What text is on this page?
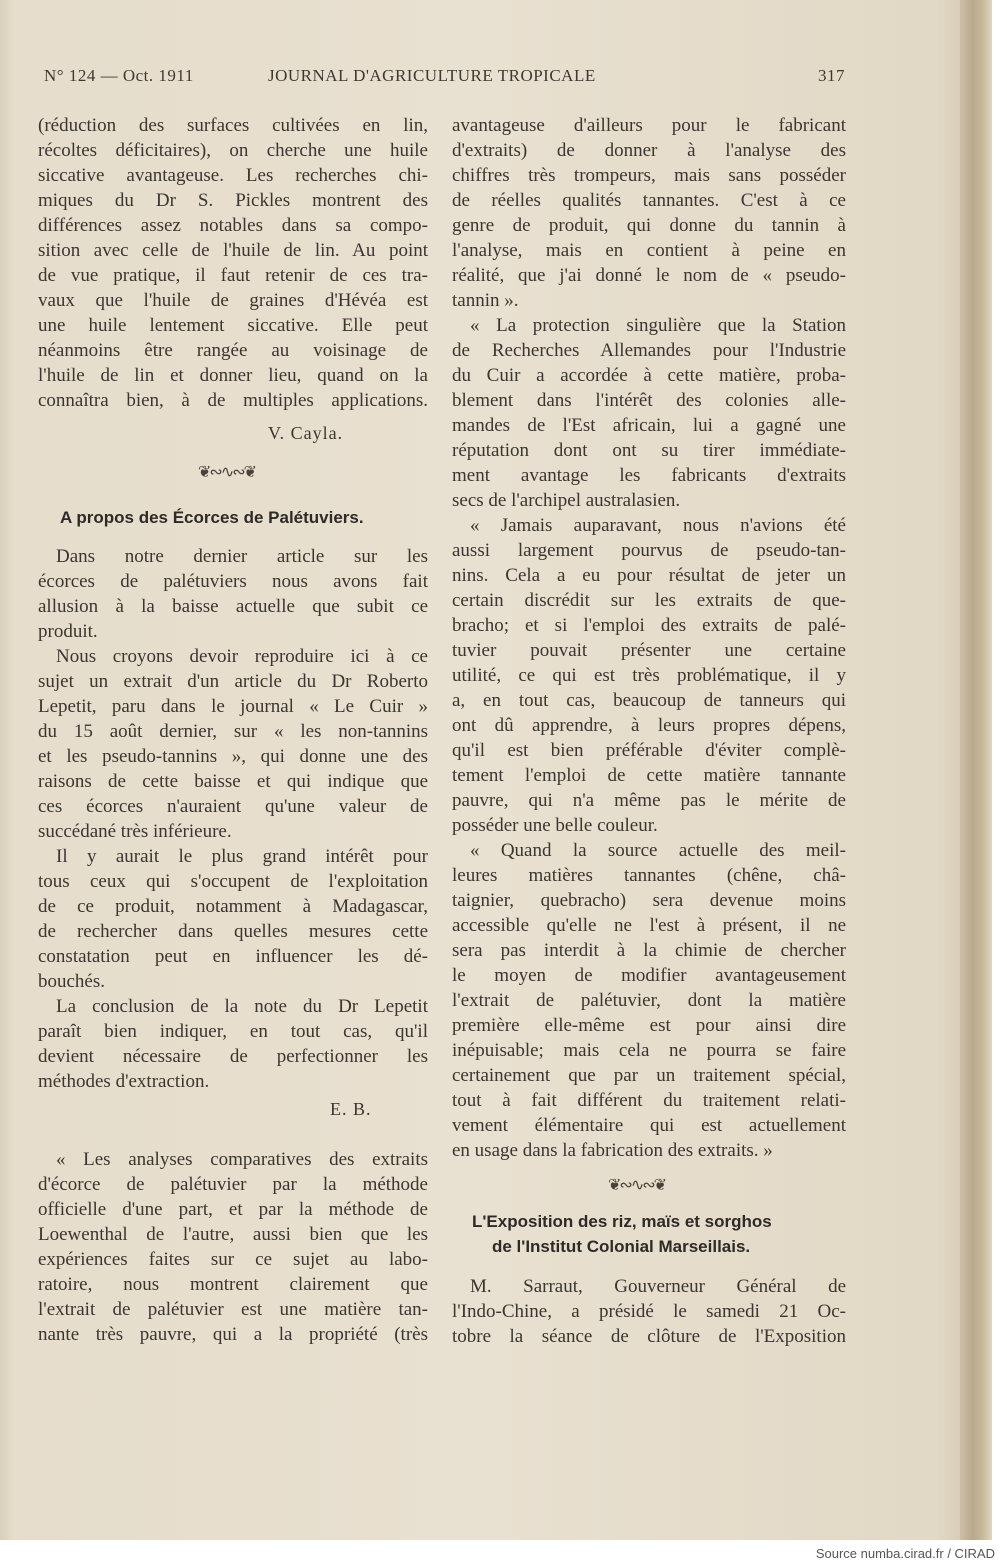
N° 124 — Oct. 1911	JOURNAL D'AGRICULTURE TROPICALE	317
(réduction des surfaces cultivées en lin,
récoltes déficitaires), on cherche une huile
siccative avantageuse. Les recherches chi-
miques du Dr S. Pickles montrent des
différences assez notables dans sa compo-
sition avec celle de l'huile de lin. Au point
de vue pratique, il faut retenir de ces tra-
vaux que l'huile de graines d'Hévéa est
une huile lentement siccative. Elle peut
néanmoins être rangée au voisinage de
l'huile de lin et donner lieu, quand on la
connaîtra bien, à de multiples applications.
V. Cayla.
❦∾∿∾❦
A propos des Écorces de Palétuviers.
Dans notre dernier article sur les
écorces de palétuviers nous avons fait
allusion à la baisse actuelle que subit ce
produit.
Nous croyons devoir reproduire ici à ce
sujet un extrait d'un article du Dr Roberto
Lepetit, paru dans le journal « Le Cuir »
du 15 août dernier, sur « les non-tannins
et les pseudo-tannins », qui donne une des
raisons de cette baisse et qui indique que
ces écorces n'auraient qu'une valeur de
succédané très inférieure.
Il y aurait le plus grand intérêt pour
tous ceux qui s'occupent de l'exploitation
de ce produit, notamment à Madagascar,
de rechercher dans quelles mesures cette
constatation peut en influencer les dé-
bouchés.
La conclusion de la note du Dr Lepetit
paraît bien indiquer, en tout cas, qu'il
devient nécessaire de perfectionner les
méthodes d'extraction.
E. B.
« Les analyses comparatives des extraits
d'écorce de palétuvier par la méthode
officielle d'une part, et par la méthode de
Loewenthal de l'autre, aussi bien que les
expériences faites sur ce sujet au labo-
ratoire, nous montrent clairement que
l'extrait de palétuvier est une matière tan-
nante très pauvre, qui a la propriété (très
avantageuse d'ailleurs pour le fabricant
d'extraits) de donner à l'analyse des
chiffres très trompeurs, mais sans posséder
de réelles qualités tannantes. C'est à ce
genre de produit, qui donne du tannin à
l'analyse, mais en contient à peine en
réalité, que j'ai donné le nom de « pseudo-
tannin ».
« La protection singulière que la Station
de Recherches Allemandes pour l'Industrie
du Cuir a accordée à cette matière, proba-
blement dans l'intérêt des colonies alle-
mandes de l'Est africain, lui a gagné une
réputation dont ont su tirer immédiate-
ment avantage les fabricants d'extraits
secs de l'archipel australasien.
« Jamais auparavant, nous n'avions été
aussi largement pourvus de pseudo-tan-
nins. Cela a eu pour résultat de jeter un
certain discrédit sur les extraits de que-
bracho; et si l'emploi des extraits de palé-
tuvier pouvait présenter une certaine
utilité, ce qui est très problématique, il y
a, en tout cas, beaucoup de tanneurs qui
ont dû apprendre, à leurs propres dépens,
qu'il est bien préférable d'éviter complè-
tement l'emploi de cette matière tannante
pauvre, qui n'a même pas le mérite de
posséder une belle couleur.
« Quand la source actuelle des meil-
leures matières tannantes (chêne, châ-
taignier, quebracho) sera devenue moins
accessible qu'elle ne l'est à présent, il ne
sera pas interdit à la chimie de chercher
le moyen de modifier avantageusement
l'extrait de palétuvier, dont la matière
première elle-même est pour ainsi dire
inépuisable; mais cela ne pourra se faire
certainement que par un traitement spécial,
tout à fait différent du traitement relati-
vement élémentaire qui est actuellement
en usage dans la fabrication des extraits. »
❦∾∿∾❦
L'Exposition des riz, maïs et sorghos
de l'Institut Colonial Marseillais.
M. Sarraut, Gouverneur Général de
l'Indo-Chine, a présidé le samedi 21 Oc-
tobre la séance de clôture de l'Exposition
Source numba.cirad.fr / CIRAD
